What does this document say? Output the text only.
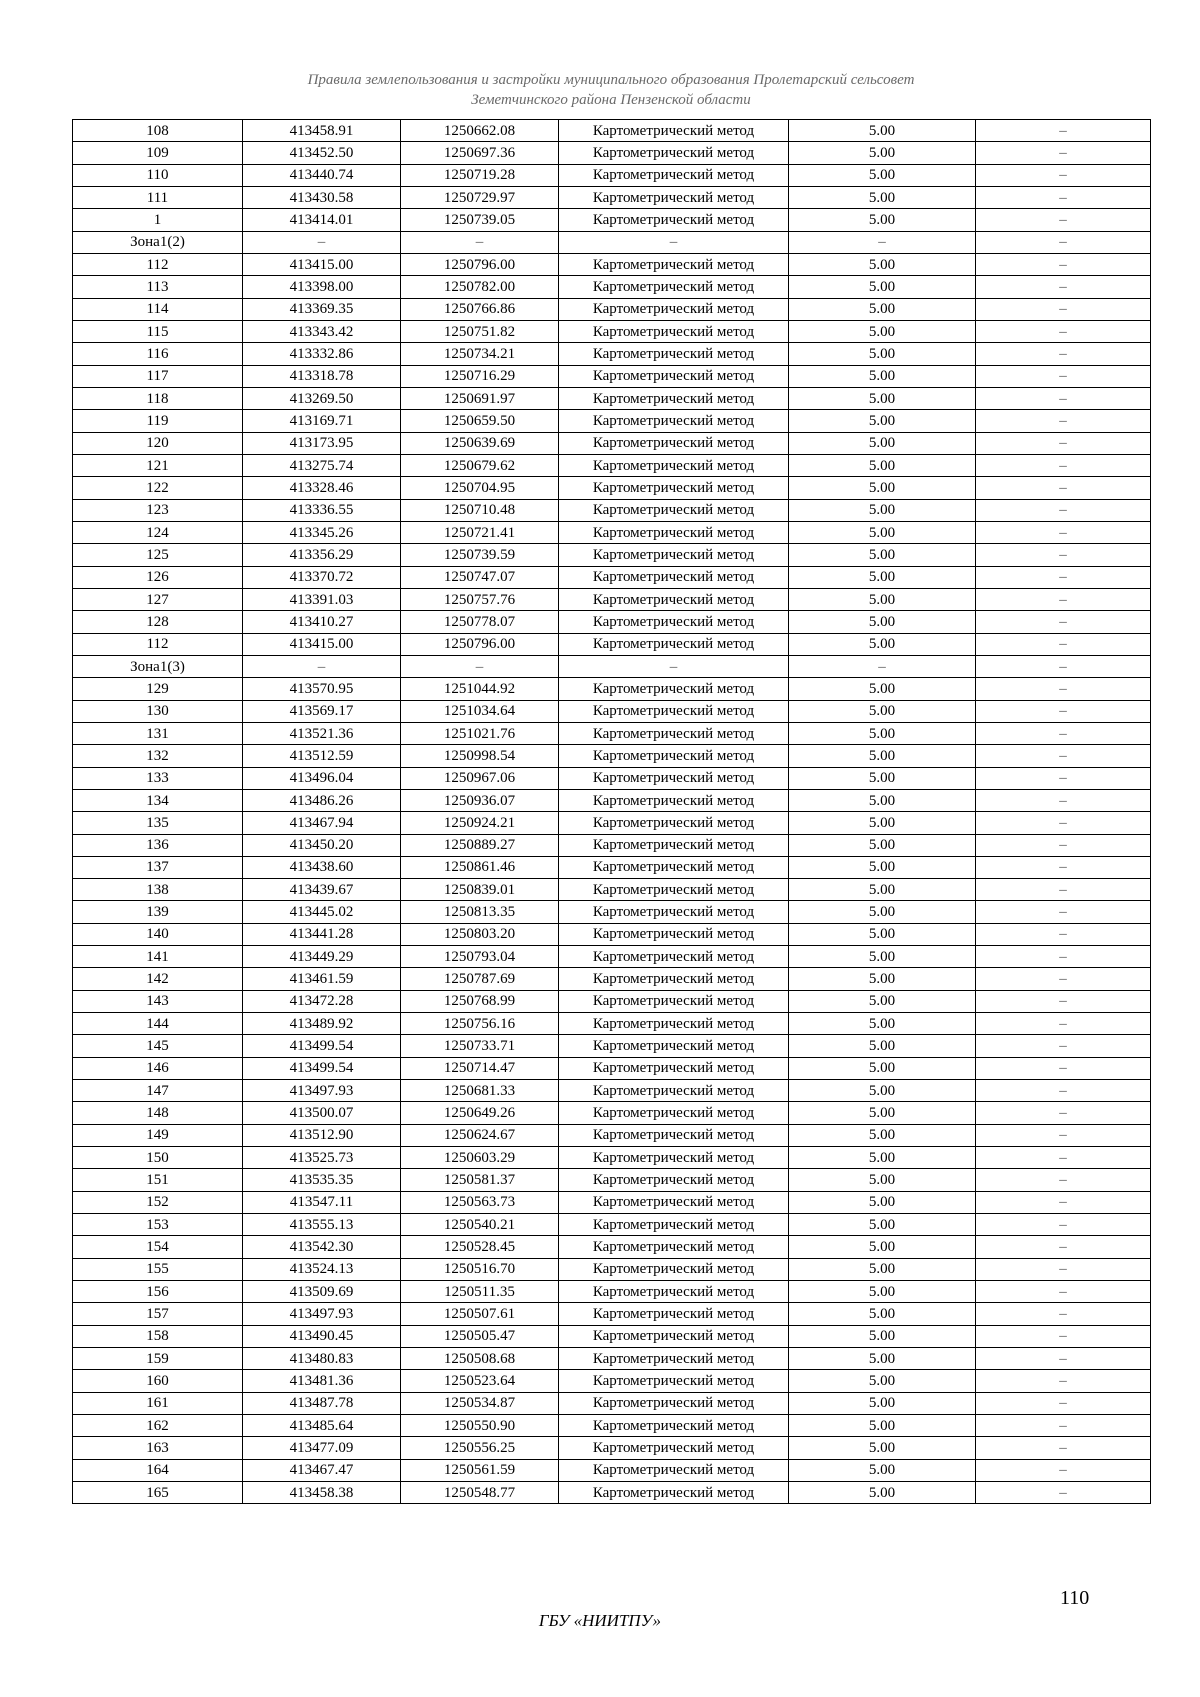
Правила землепользования и застройки муниципального образования Пролетарский сельсовет
Земетчинского района Пензенской области
108	413458.91	1250662.08	Картометрический метод	5.00	–
109	413452.50	1250697.36	Картометрический метод	5.00	–
110	413440.74	1250719.28	Картометрический метод	5.00	–
111	413430.58	1250729.97	Картометрический метод	5.00	–
1	413414.01	1250739.05	Картометрический метод	5.00	–
Зона1(2)	–	–	–	–	–
112	413415.00	1250796.00	Картометрический метод	5.00	–
113	413398.00	1250782.00	Картометрический метод	5.00	–
114	413369.35	1250766.86	Картометрический метод	5.00	–
115	413343.42	1250751.82	Картометрический метод	5.00	–
116	413332.86	1250734.21	Картометрический метод	5.00	–
117	413318.78	1250716.29	Картометрический метод	5.00	–
118	413269.50	1250691.97	Картометрический метод	5.00	–
119	413169.71	1250659.50	Картометрический метод	5.00	–
120	413173.95	1250639.69	Картометрический метод	5.00	–
121	413275.74	1250679.62	Картометрический метод	5.00	–
122	413328.46	1250704.95	Картометрический метод	5.00	–
123	413336.55	1250710.48	Картометрический метод	5.00	–
124	413345.26	1250721.41	Картометрический метод	5.00	–
125	413356.29	1250739.59	Картометрический метод	5.00	–
126	413370.72	1250747.07	Картометрический метод	5.00	–
127	413391.03	1250757.76	Картометрический метод	5.00	–
128	413410.27	1250778.07	Картометрический метод	5.00	–
112	413415.00	1250796.00	Картометрический метод	5.00	–
Зона1(3)	–	–	–	–	–
129	413570.95	1251044.92	Картометрический метод	5.00	–
130	413569.17	1251034.64	Картометрический метод	5.00	–
131	413521.36	1251021.76	Картометрический метод	5.00	–
132	413512.59	1250998.54	Картометрический метод	5.00	–
133	413496.04	1250967.06	Картометрический метод	5.00	–
134	413486.26	1250936.07	Картометрический метод	5.00	–
135	413467.94	1250924.21	Картометрический метод	5.00	–
136	413450.20	1250889.27	Картометрический метод	5.00	–
137	413438.60	1250861.46	Картометрический метод	5.00	–
138	413439.67	1250839.01	Картометрический метод	5.00	–
139	413445.02	1250813.35	Картометрический метод	5.00	–
140	413441.28	1250803.20	Картометрический метод	5.00	–
141	413449.29	1250793.04	Картометрический метод	5.00	–
142	413461.59	1250787.69	Картометрический метод	5.00	–
143	413472.28	1250768.99	Картометрический метод	5.00	–
144	413489.92	1250756.16	Картометрический метод	5.00	–
145	413499.54	1250733.71	Картометрический метод	5.00	–
146	413499.54	1250714.47	Картометрический метод	5.00	–
147	413497.93	1250681.33	Картометрический метод	5.00	–
148	413500.07	1250649.26	Картометрический метод	5.00	–
149	413512.90	1250624.67	Картометрический метод	5.00	–
150	413525.73	1250603.29	Картометрический метод	5.00	–
151	413535.35	1250581.37	Картометрический метод	5.00	–
152	413547.11	1250563.73	Картометрический метод	5.00	–
153	413555.13	1250540.21	Картометрический метод	5.00	–
154	413542.30	1250528.45	Картометрический метод	5.00	–
155	413524.13	1250516.70	Картометрический метод	5.00	–
156	413509.69	1250511.35	Картометрический метод	5.00	–
157	413497.93	1250507.61	Картометрический метод	5.00	–
158	413490.45	1250505.47	Картометрический метод	5.00	–
159	413480.83	1250508.68	Картометрический метод	5.00	–
160	413481.36	1250523.64	Картометрический метод	5.00	–
161	413487.78	1250534.87	Картометрический метод	5.00	–
162	413485.64	1250550.90	Картометрический метод	5.00	–
163	413477.09	1250556.25	Картометрический метод	5.00	–
164	413467.47	1250561.59	Картометрический метод	5.00	–
165	413458.38	1250548.77	Картометрический метод	5.00	–
110
ГБУ «НИИТПУ»
